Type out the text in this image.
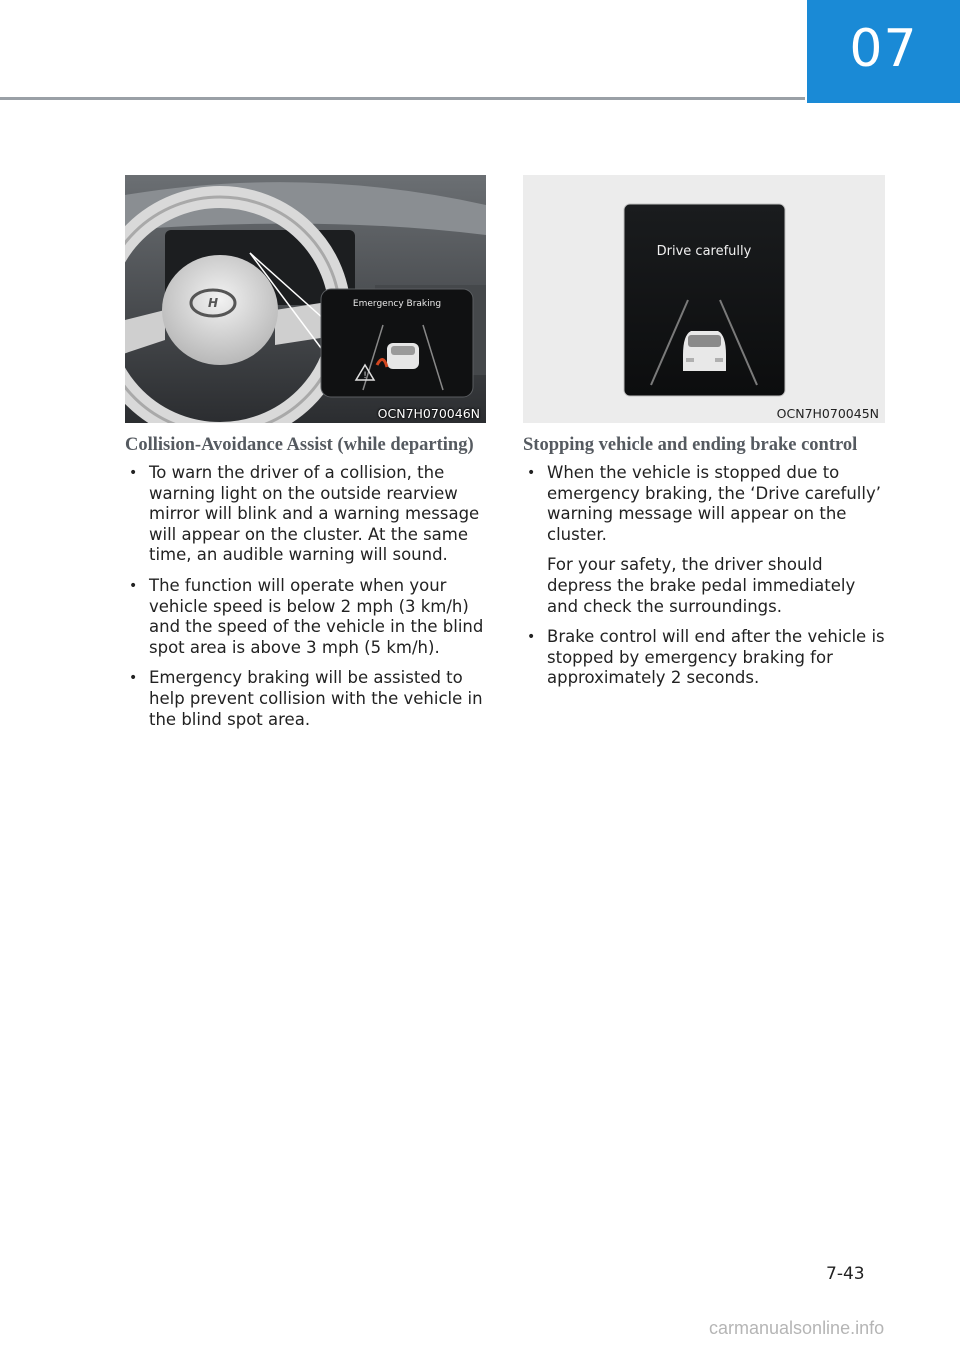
07
H	Emergency Braking
!
OCN7H070046N
Drive carefully
OCN7H070045N
Collision-Avoidance Assist (while departing)
• To warn the driver of a collision, the warning light on the outside rearview mirror will blink and a warning message will appear on the cluster. At the same time, an audible warning will sound.
• The function will operate when your vehicle speed is below 2 mph (3 km/h) and the speed of the vehicle in the blind spot area is above 3 mph (5 km/h).
• Emergency braking will be assisted to help prevent collision with the vehicle in the blind spot area.
Stopping vehicle and ending brake control
• When the vehicle is stopped due to emergency braking, the ‘Drive carefully’ warning message will appear on the cluster.
For your safety, the driver should depress the brake pedal immediately and check the surroundings.
• Brake control will end after the vehicle is stopped by emergency braking for approximately 2 seconds.
7-43
carmanualsonline.info
